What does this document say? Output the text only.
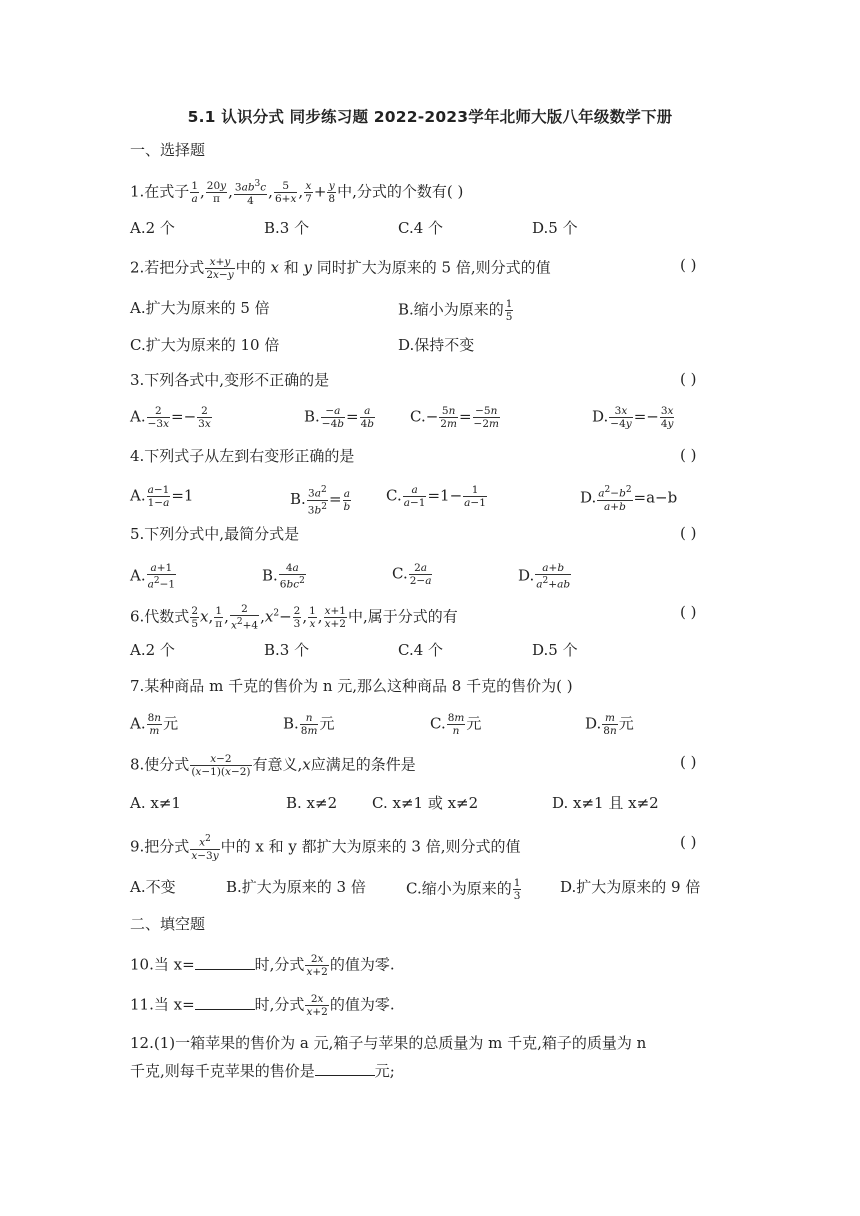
5.1 认识分式 同步练习题 2022-2023学年北师大版八年级数学下册
一、选择题
1.在式子 $\frac{1}{a}$ , $\frac{20y}{\pi}$ , $\frac{3ab^3c}{4}$ , $\frac{5}{6+x}$ , $\frac{x}{7} + \frac{y}{8}$ 中,分式的个数有( )
A.2 个	B.3 个	C.4 个	D.5 个
2.若把分式 $\frac{x+y}{2x-y}$ 中的 x 和 y 同时扩大为原来的 5 倍,则分式的值	( )
A.扩大为原来的 5 倍	B.缩小为原来的 $\frac{1}{5}$
C.扩大为原来的 10 倍	D.保持不变
3.下列各式中,变形不正确的是	( )
A. $\frac{2}{-3x} =- \frac{2}{3x}$	B. $\frac{-a}{-4b} = \frac{a}{4b} C.- \frac{5n}{2m} = \frac{-5n}{-2m}$	D. $\frac{3x}{-4y} =- \frac{3x}{4y}$
4.下列式子从左到右变形正确的是	( )
A. $\frac{a-1}{1-a} =1$	B. $\frac{3a^2}{3b^2} = \frac{a}{b} C$. $\frac{a}{a-1} =1- \frac{1}{a-1}$	D. $\frac{a^2-b^2}{a+b} =a-b$
5.下列分式中,最简分式是	( )
A. $\frac{a+1}{a^2-1}$	B. $\frac{4a}{6bc^2}$	C. $\frac{2a}{2-a}$	D. $\frac{a+b}{a^2+ab}$
6.代数式 $\frac{2}{5} x$, $\frac{1}{\pi}$ , $\frac{2}{x^2+4} ,x^2- \frac{2}{3}$ , $\frac{1}{x}$ , $\frac{x+1}{x+2}$ 中,属于分式的有	( )
A.2 个	B.3 个	C.4 个	D.5 个
7.某种商品 m 千克的售价为 n 元,那么这种商品 8 千克的售价为( )
A. $\frac{8n}{m}$ 元	B. $\frac{n}{8m}$ 元	C. $\frac{8m}{n}$ 元	D. $\frac{m}{8n}$ 元
8.使分式 $\frac{x-2}{(x-1)(x-2)}$ 有意义,x应满足的条件是	( )
A. x≠1	B. x≠2 C. x≠1 或 x≠2	D. x≠1 且 x≠2
9.把分式 $\frac{x^2}{x-3y}$ 中的 x 和 y 都扩大为原来的 3 倍,则分式的值	( )
A.不变	B.扩大为原来的 3 倍	C.缩小为原来的 $\frac{1}{3}$	D.扩大为原来的 9 倍
二、填空题
10.当 x=	时,分式 $\frac{2x}{x+2}$ 的值为零.
11.当 x=	时,分式 $\frac{2x}{x+2}$ 的值为零.
12.(1)一箱苹果的售价为 a 元,箱子与苹果的总质量为 m 千克,箱子的质量为 n
千克,则每千克苹果的售价是	元;
